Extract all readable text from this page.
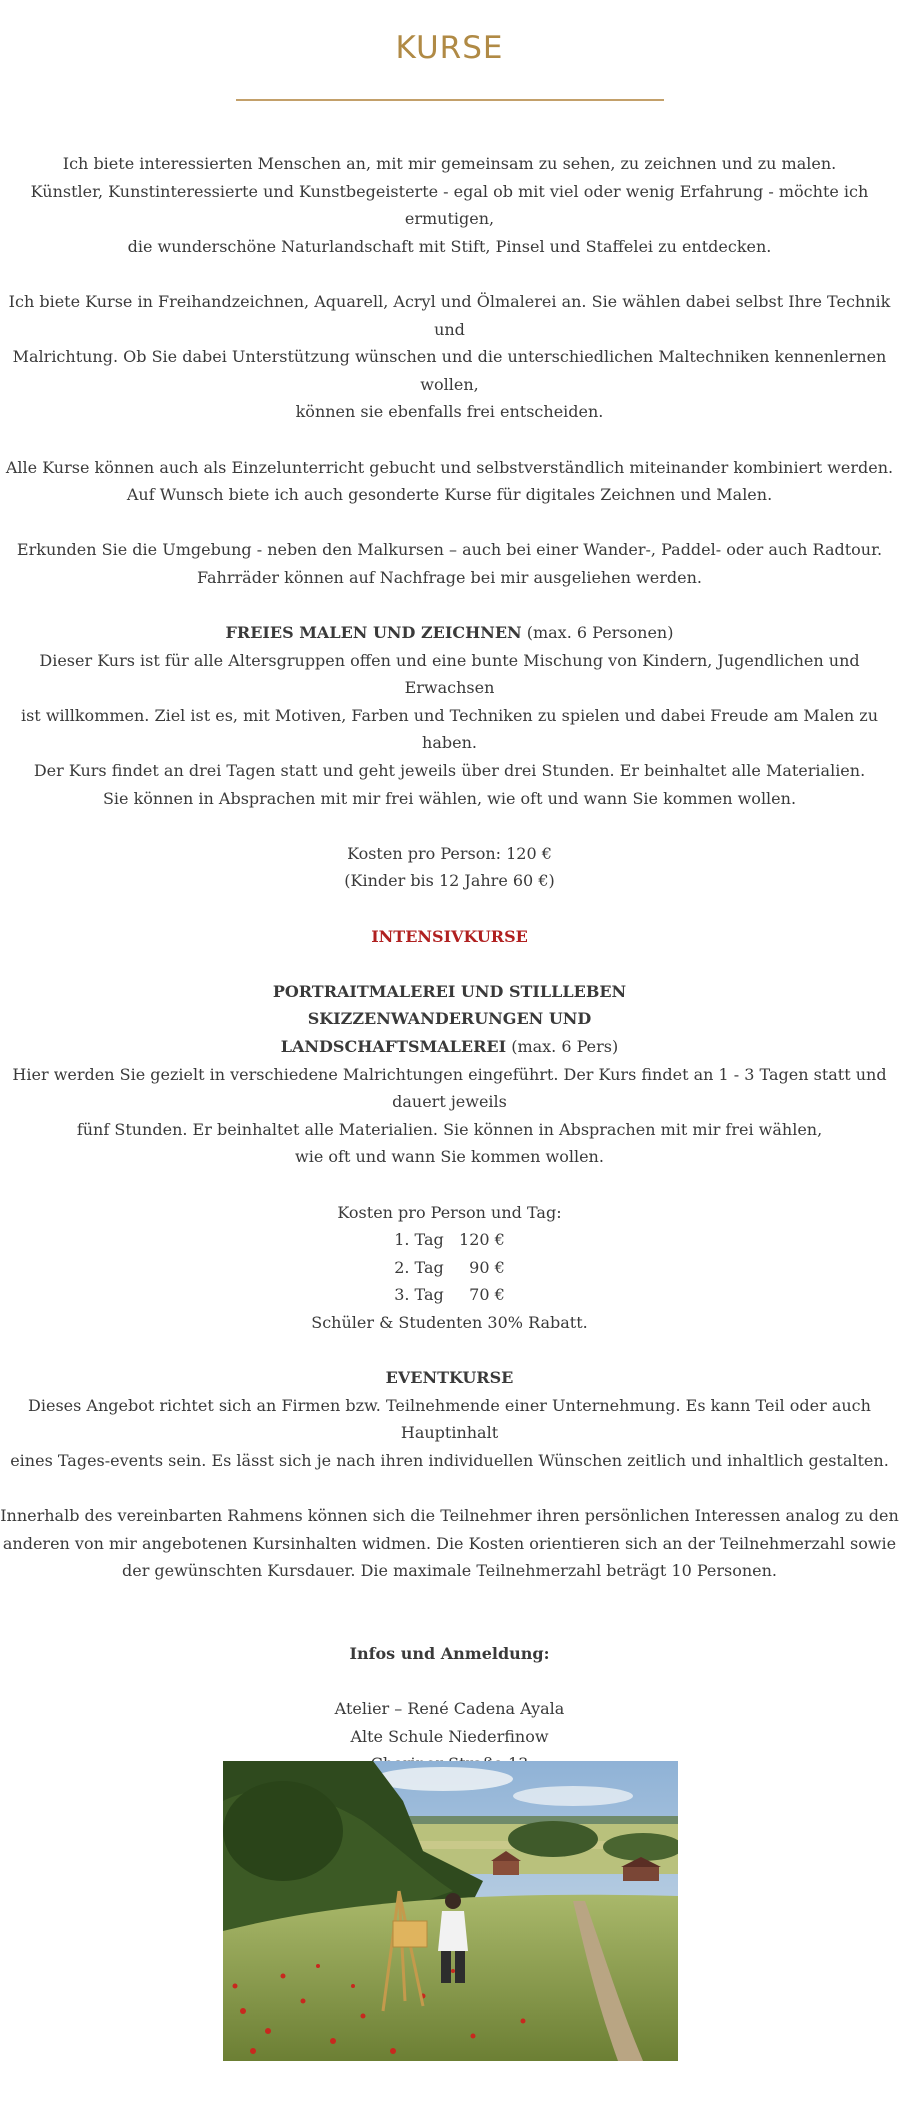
KURSE

Ich biete interessierten Menschen an, mit mir gemeinsam zu sehen, zu zeichnen und zu malen.
Künstler, Kunstinteressierte und Kunstbegeisterte - egal ob mit viel oder wenig Erfahrung - möchte ich ermutigen,
die wunderschöne Naturlandschaft mit Stift, Pinsel und Staffelei zu entdecken.

Ich biete Kurse in Freihandzeichnen, Aquarell, Acryl und Ölmalerei an. Sie wählen dabei selbst Ihre Technik und
Malrichtung. Ob Sie dabei Unterstützung wünschen und die unterschiedlichen Maltechniken kennenlernen wollen,
können sie ebenfalls frei entscheiden.

Alle Kurse können auch als Einzelunterricht gebucht und selbstverständlich miteinander kombiniert werden.
Auf Wunsch biete ich auch gesonderte Kurse für digitales Zeichnen und Malen.

Erkunden Sie die Umgebung - neben den Malkursen – auch bei einer Wander-, Paddel- oder auch Radtour.
Fahrräder können auf Nachfrage bei mir ausgeliehen werden.

FREIES MALEN UND ZEICHNEN (max. 6 Personen)
Dieser Kurs ist für alle Altersgruppen offen und eine bunte Mischung von Kindern, Jugendlichen und Erwachsen
ist willkommen. Ziel ist es, mit Motiven, Farben und Techniken zu spielen und dabei Freude am Malen zu haben.
Der Kurs findet an drei Tagen statt und geht jeweils über drei Stunden. Er beinhaltet alle Materialien.
Sie können in Absprachen mit mir frei wählen, wie oft und wann Sie kommen wollen.

Kosten pro Person: 120 €
(Kinder bis 12 Jahre 60 €)

INTENSIVKURSE

PORTRAITMALEREI UND STILLLEBEN
SKIZZENWANDERUNGEN UND
LANDSCHAFTSMALEREI (max. 6 Pers)
Hier werden Sie gezielt in verschiedene Malrichtungen eingeführt. Der Kurs findet an 1 - 3 Tagen statt und dauert jeweils
fünf Stunden. Er beinhaltet alle Materialien. Sie können in Absprachen mit mir frei wählen,
wie oft und wann Sie kommen wollen.

Kosten pro Person und Tag:
1. Tag   120 €
2. Tag     90 €
3. Tag     70 €
Schüler & Studenten 30% Rabatt.

EVENTKURSE
Dieses Angebot richtet sich an Firmen bzw. Teilnehmende einer Unternehmung. Es kann Teil oder auch Hauptinhalt
eines Tages-events sein. Es lässt sich je nach ihren individuellen Wünschen zeitlich und inhaltlich gestalten.

Innerhalb des vereinbarten Rahmens können sich die Teilnehmer ihren persönlichen Interessen analog zu den
anderen von mir angebotenen Kursinhalten widmen. Die Kosten orientieren sich an der Teilnehmerzahl sowie
der gewünschten Kursdauer. Die maximale Teilnehmerzahl beträgt 10 Personen.

Infos und Anmeldung:

Atelier – René Cadena Ayala
Alte Schule Niederfinow
